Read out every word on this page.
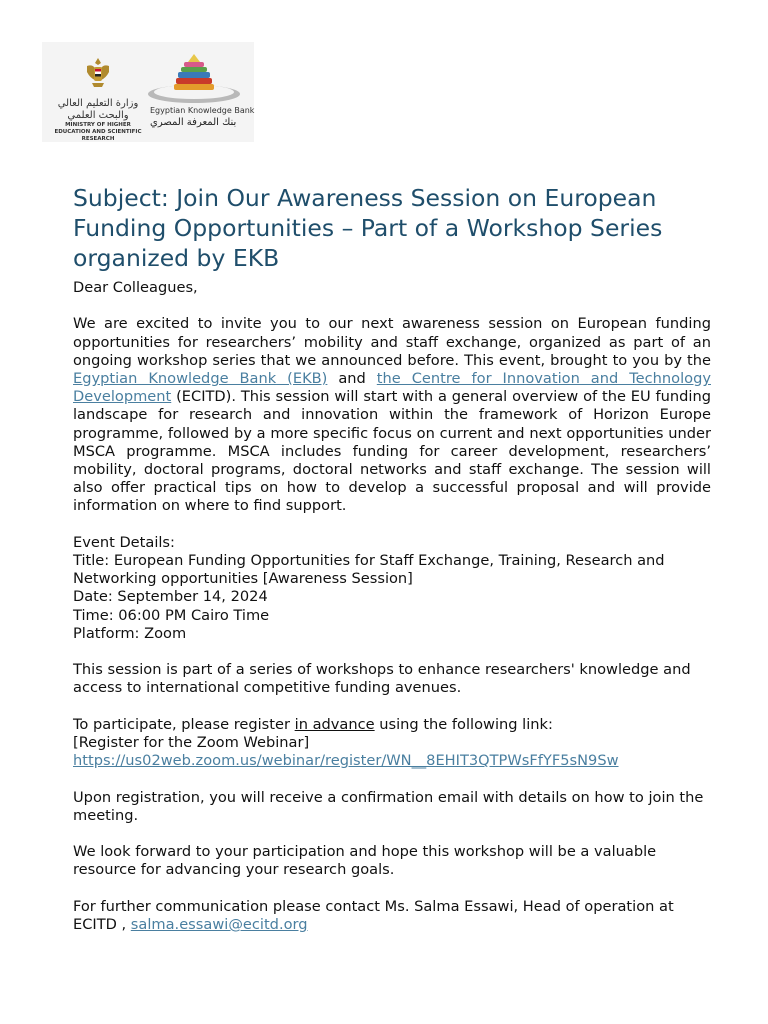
وزارة التعليم العالي والبحث العلمي
MINISTRY OF HIGHER EDUCATION AND SCIENTIFIC RESEARCH
Egyptian Knowledge Bank
بنك المعرفة المصري
Subject: Join Our Awareness Session on European Funding Opportunities – Part of a Workshop Series organized by EKB

Dear Colleagues,

We are excited to invite you to our next awareness session on European funding opportunities for researchers’ mobility and staff exchange, organized as part of an ongoing workshop series that we announced before. This event, brought to you by the Egyptian Knowledge Bank (EKB) and the Centre for Innovation and Technology Development (ECITD). This session will start with a general overview of the EU funding landscape for research and innovation within the framework of Horizon Europe programme, followed by a more specific focus on current and next opportunities under MSCA programme. MSCA includes funding for career development, researchers’ mobility, doctoral programs, doctoral networks and staff exchange. The session will also offer practical tips on how to develop a successful proposal and will provide information on where to find support.

Event Details:
Title: European Funding Opportunities for Staff Exchange, Training, Research and Networking opportunities [Awareness Session]
Date: September 14, 2024
Time: 06:00 PM Cairo Time
Platform: Zoom

This session is part of a series of workshops to enhance researchers' knowledge and access to international competitive funding avenues.

To participate, please register in advance using the following link:
[Register for the Zoom Webinar]
https://us02web.zoom.us/webinar/register/WN__8EHIT3QTPWsFfYF5sN9Sw

Upon registration, you will receive a confirmation email with details on how to join the meeting.

We look forward to your participation and hope this workshop will be a valuable resource for advancing your research goals.

For further communication please contact Ms. Salma Essawi, Head of operation at ECITD , salma.essawi@ecitd.org
